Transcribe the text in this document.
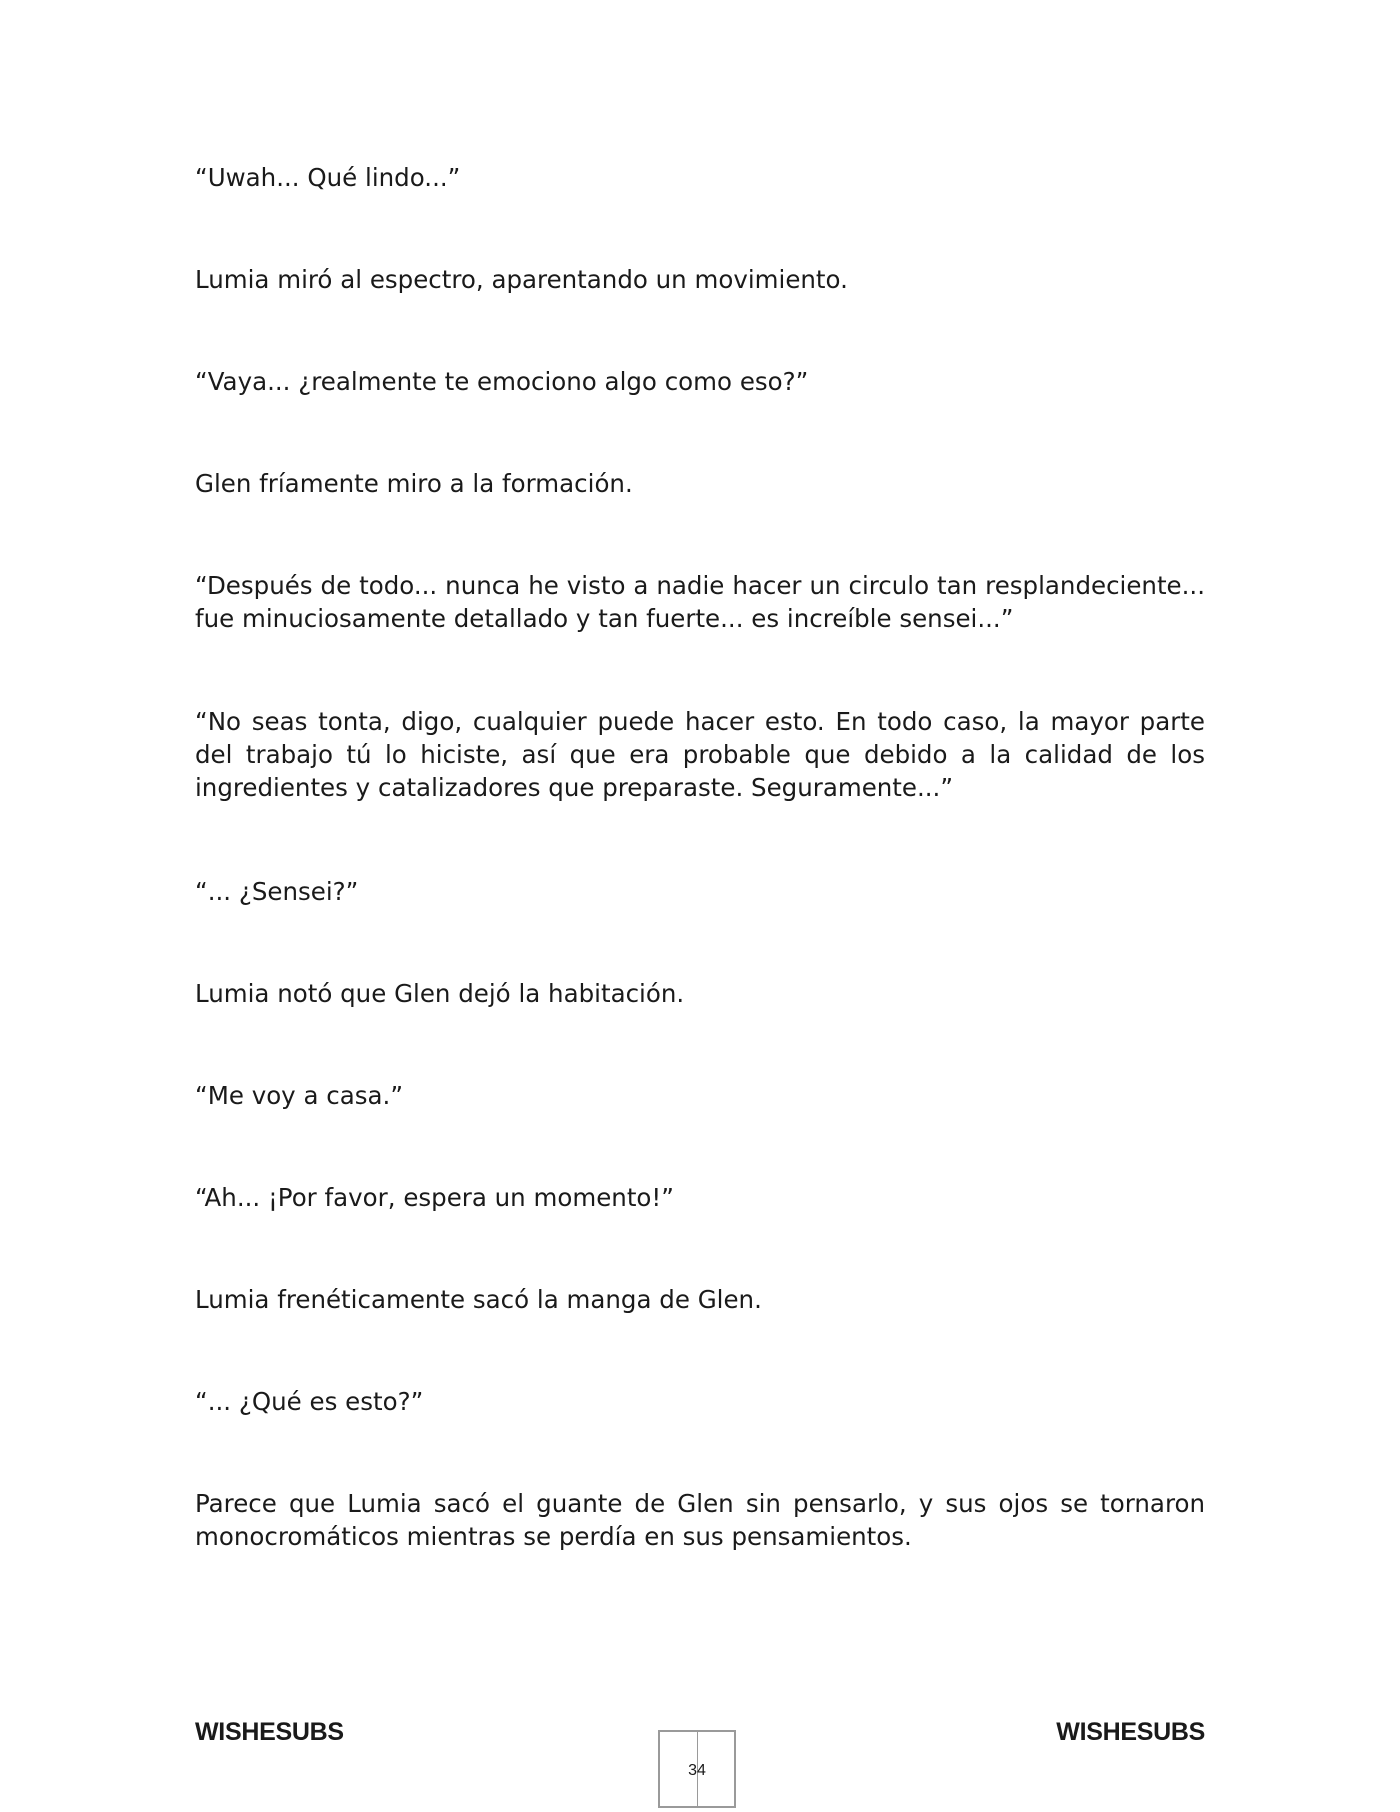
“Uwah... Qué lindo...”

Lumia miró al espectro, aparentando un movimiento.

“Vaya... ¿realmente te emociono algo como eso?”

Glen fríamente miro a la formación.

“Después de todo... nunca he visto a nadie hacer un circulo tan resplandeciente... fue minuciosamente detallado y tan fuerte... es increíble sensei...”

“No seas tonta, digo, cualquier puede hacer esto. En todo caso, la mayor parte del trabajo tú lo hiciste, así que era probable que debido a la calidad de los ingredientes y catalizadores que preparaste. Seguramente...”

“... ¿Sensei?”

Lumia notó que Glen dejó la habitación.

“Me voy a casa.”

“Ah... ¡Por favor, espera un momento!”

Lumia frenéticamente sacó la manga de Glen.

“... ¿Qué es esto?”

Parece que Lumia sacó el guante de Glen sin pensarlo, y sus ojos se tornaron monocromáticos mientras se perdía en sus pensamientos.

WISHESUBS	WISHESUBS
34
